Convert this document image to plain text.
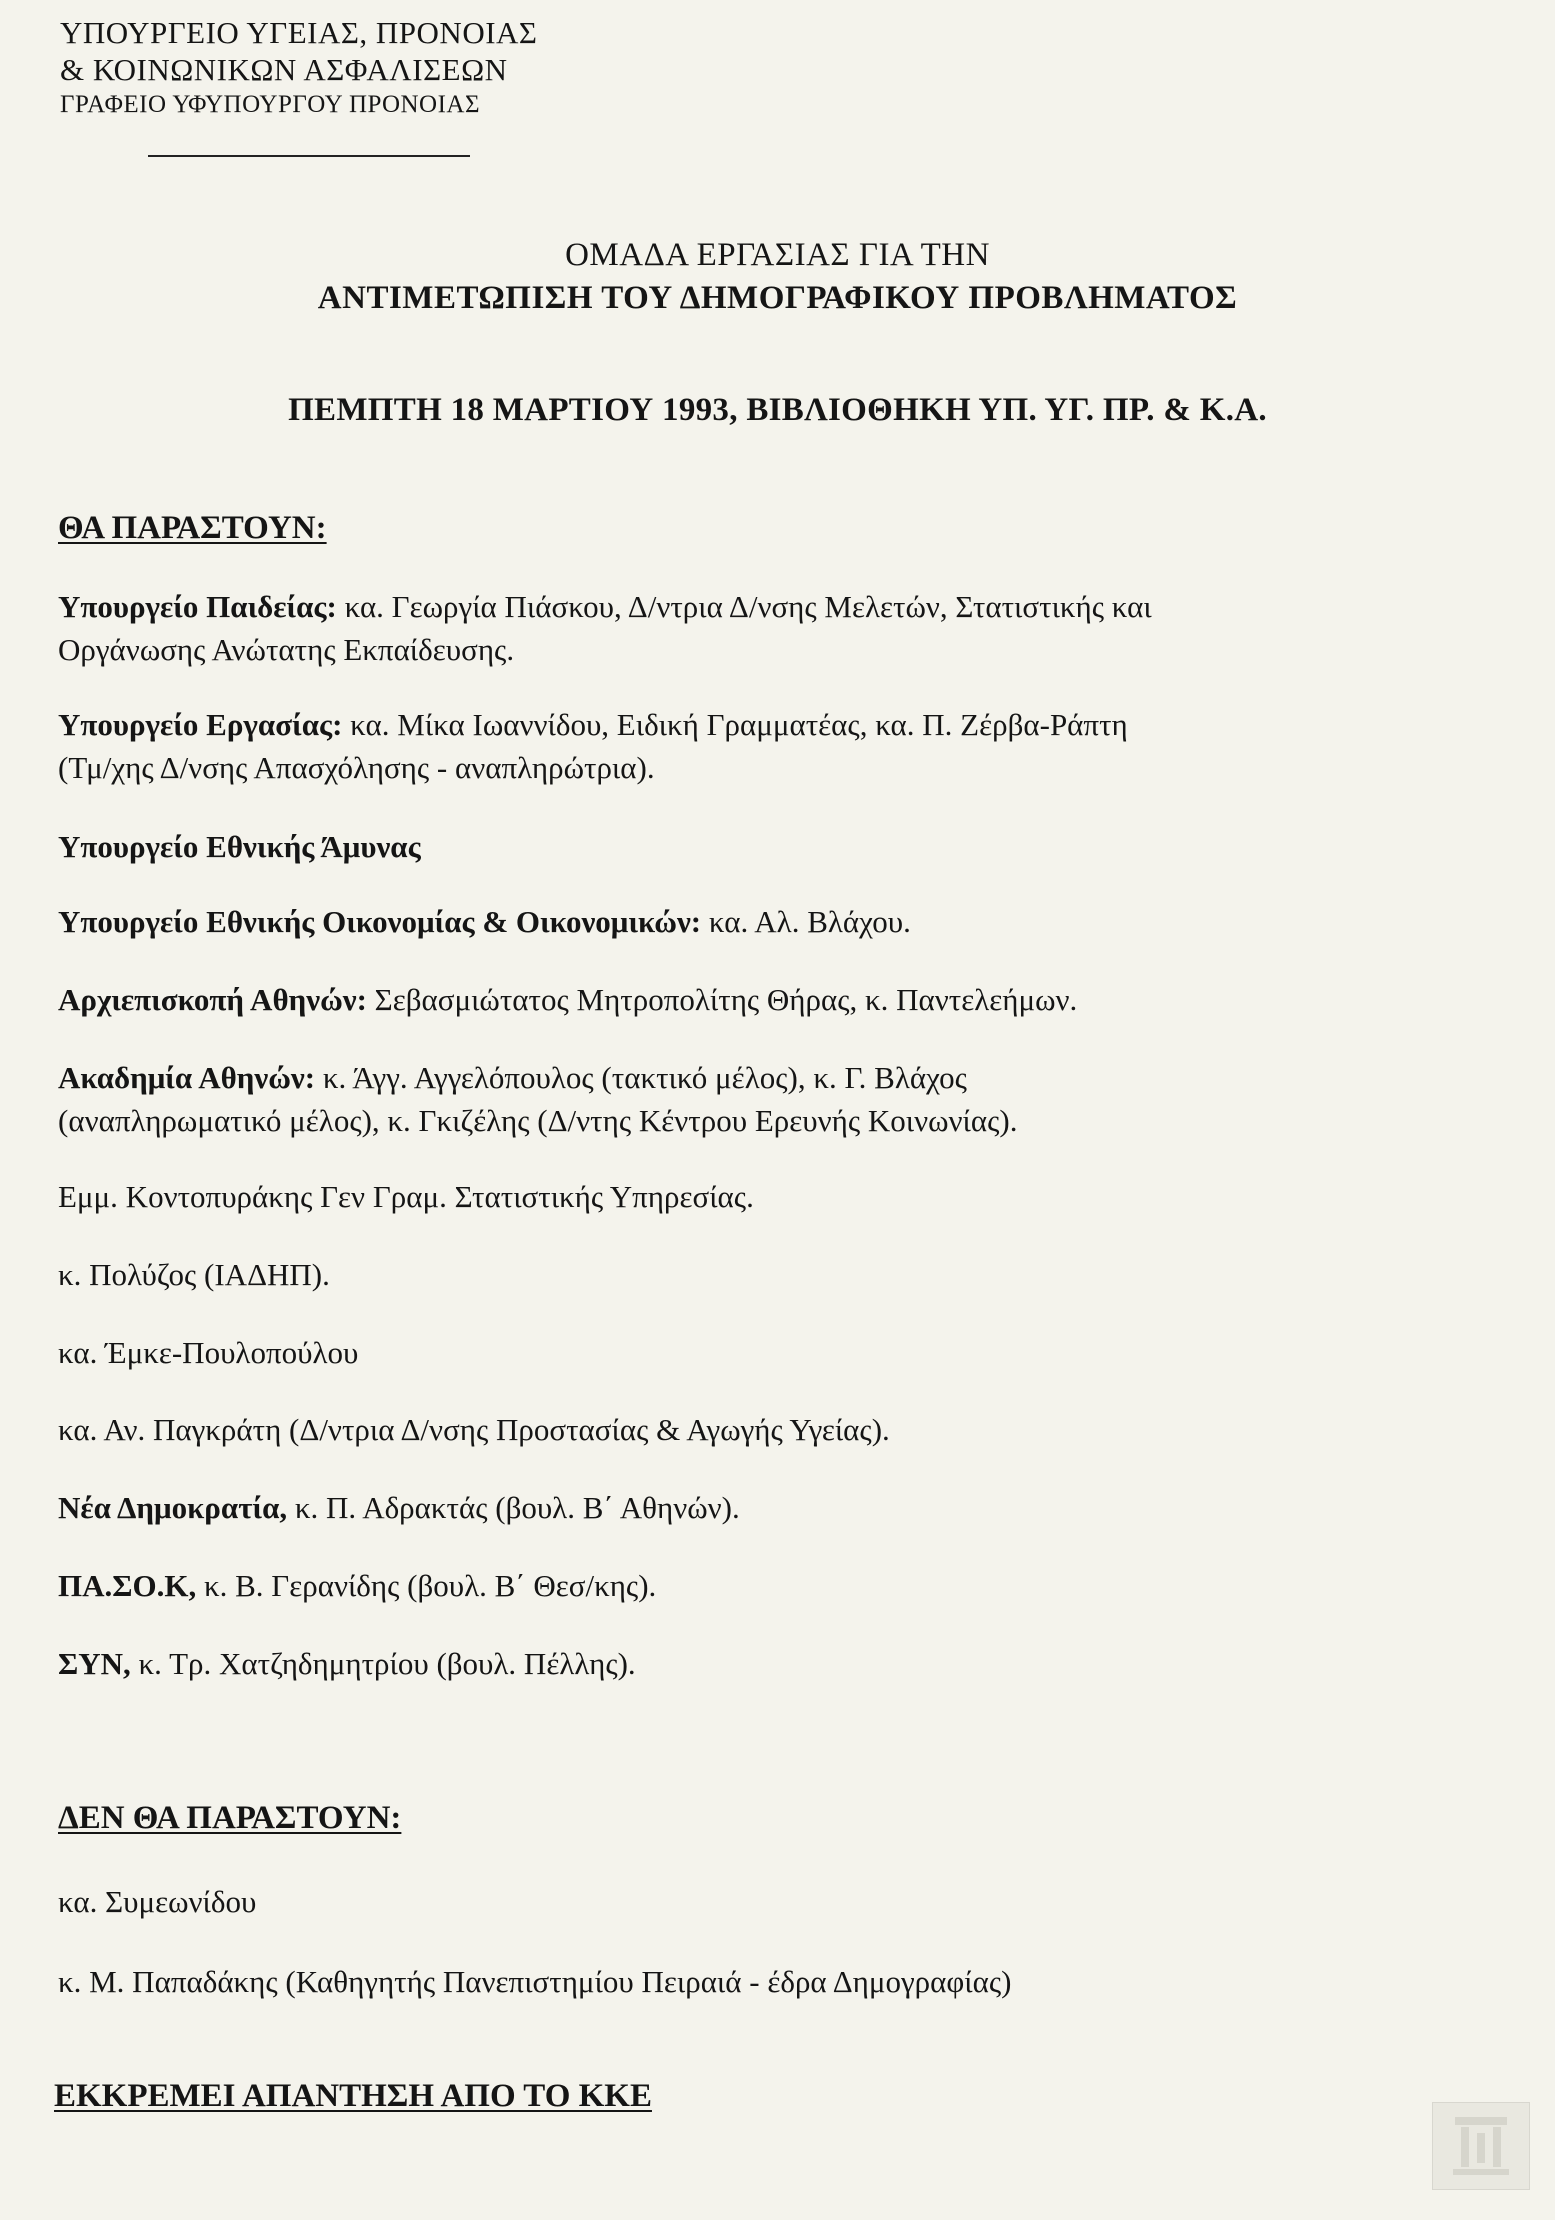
ΥΠΟΥΡΓΕΙΟ ΥΓΕΙΑΣ, ΠΡΟΝΟΙΑΣ
& ΚΟΙΝΩΝΙΚΩΝ ΑΣΦΑΛΙΣΕΩΝ
ΓΡΑΦΕΙΟ ΥΦΥΠΟΥΡΓΟΥ ΠΡΟΝΟΙΑΣ
ΟΜΑΔΑ ΕΡΓΑΣΙΑΣ ΓΙΑ ΤΗΝ
ΑΝΤΙΜΕΤΩΠΙΣΗ ΤΟΥ ΔΗΜΟΓΡΑΦΙΚΟΥ ΠΡΟΒΛΗΜΑΤΟΣ
ΠΕΜΠΤΗ 18 ΜΑΡΤΙΟΥ 1993, ΒΙΒΛΙΟΘΗΚΗ ΥΠ. ΥΓ. ΠΡ. & Κ.Α.
ΘΑ ΠΑΡΑΣΤΟΥΝ:
Υπουργείο Παιδείας: κα. Γεωργία Πιάσκου, Δ/ντρια Δ/νσης Μελετών, Στατιστικής και
Οργάνωσης Ανώτατης Εκπαίδευσης.
Υπουργείο Εργασίας: κα. Μίκα Ιωαννίδου, Ειδική Γραμματέας, κα. Π. Ζέρβα-Ράπτη
(Τμ/χης Δ/νσης Απασχόλησης - αναπληρώτρια).
Υπουργείο Εθνικής Άμυνας
Υπουργείο Εθνικής Οικονομίας & Οικονομικών: κα. Αλ. Βλάχου.
Αρχιεπισκοπή Αθηνών: Σεβασμιώτατος Μητροπολίτης Θήρας, κ. Παντελεήμων.
Ακαδημία Αθηνών: κ. Άγγ. Αγγελόπουλος (τακτικό μέλος), κ. Γ. Βλάχος
(αναπληρωματικό μέλος), κ. Γκιζέλης (Δ/ντης Κέντρου Ερευνής Κοινωνίας).
Εμμ. Κοντοπυράκης Γεν Γραμ. Στατιστικής Υπηρεσίας.
κ. Πολύζος (ΙΑΔΗΠ).
κα. Έμκε-Πουλοπούλου
κα. Αν. Παγκράτη (Δ/ντρια Δ/νσης Προστασίας & Αγωγής Υγείας).
Νέα Δημοκρατία, κ. Π. Αδρακτάς (βουλ. Β΄ Αθηνών).
ΠΑ.ΣΟ.Κ, κ. Β. Γερανίδης (βουλ. Β΄ Θεσ/κης).
ΣΥΝ, κ. Τρ. Χατζηδημητρίου (βουλ. Πέλλης).
ΔΕΝ ΘΑ ΠΑΡΑΣΤΟΥΝ:
κα. Συμεωνίδου
κ. Μ. Παπαδάκης (Καθηγητής Πανεπιστημίου Πειραιά - έδρα Δημογραφίας)
ΕΚΚΡΕΜΕΙ ΑΠΑΝΤΗΣΗ ΑΠΟ ΤΟ ΚΚΕ
